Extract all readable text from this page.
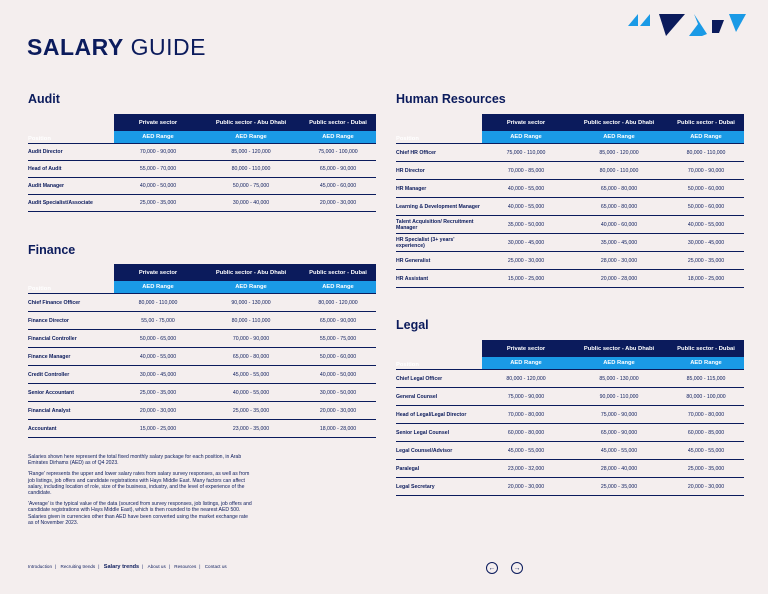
SALARY GUIDE
Audit
	Private sector	Public sector - Abu Dhabi	Public sector - Dubai
Position	AED Range	AED Range	AED Range
Audit Director	70,000 - 90,000	85,000 - 120,000	75,000 - 100,000
Head of Audit	55,000 - 70,000	80,000 - 110,000	65,000 - 90,000
Audit Manager	40,000 - 50,000	50,000 - 75,000	45,000 - 60,000
Audit Specialist/Associate	25,000 - 35,000	30,000 - 40,000	20,000 - 30,000
Finance
	Private sector	Public sector - Abu Dhabi	Public sector - Dubai
Position	AED Range	AED Range	AED Range
Chief Finance Officer	80,000 - 110,000	90,000 - 130,000	80,000 - 120,000
Finance Director	55,00 - 75,000	80,000 - 110,000	65,000 - 90,000
Financial Controller	50,000 - 65,000	70,000 - 90,000	55,000 - 75,000
Finance Manager	40,000 - 55,000	65,000 - 80,000	50,000 - 60,000
Credit Controller	30,000 - 45,000	45,000 - 55,000	40,000 - 50,000
Senior Accountant	25,000 - 35,000	40,000 - 55,000	30,000 - 50,000
Financial Analyst	20,000 - 30,000	25,000 - 35,000	20,000 - 30,000
Accountant	15,000 - 25,000	23,000 - 35,000	18,000 - 28,000
Human Resources
	Private sector	Public sector - Abu Dhabi	Public sector - Dubai
Position	AED Range	AED Range	AED Range
Chief HR Officer	75,000 - 110,000	85,000 - 120,000	80,000 - 110,000
HR Director	70,000 - 85,000	80,000 - 110,000	70,000 - 90,000
HR Manager	40,000 - 55,000	65,000 - 80,000	50,000 - 60,000
Learning & Development Manager	40,000 - 55,000	65,000 - 80,000	50,000 - 60,000
Talent Acquisition/ Recruitment Manager	35,000 - 50,000	40,000 - 60,000	40,000 - 55,000
HR Specialist (3+ years' experience)	30,000 - 45,000	35,000 - 45,000	30,000 - 45,000
HR Generalist	25,000 - 30,000	28,000 - 30,000	25,000 - 35,000
HR Assistant	15,000 - 25,000	20,000 - 28,000	18,000 - 25,000
Legal
	Private sector	Public sector - Abu Dhabi	Public sector - Dubai
Position	AED Range	AED Range	AED Range
Chief Legal Officer	80,000 - 120,000	85,000 - 130,000	85,000 - 115,000
General Counsel	75,000 - 90,000	90,000 - 110,000	80,000 - 100,000
Head of Legal/Legal Director	70,000 - 80,000	75,000 - 90,000	70,000 - 80,000
Senior Legal Counsel	60,000 - 80,000	65,000 - 90,000	60,000 - 85,000
Legal Counsel/Advisor	45,000 - 55,000	45,000 - 55,000	45,000 - 55,000
Paralegal	23,000 - 32,000	28,000 - 40,000	25,000 - 35,000
Legal Secretary	20,000 - 30,000	25,000 - 35,000	20,000 - 30,000

Salaries shown here represent the total fixed monthly salary package for each position, in Arab Emirates Dirhams (AED) as of Q4 2023.

'Range' represents the upper and lower salary rates from salary survey responses, as well as from job listings, job offers and candidate registrations with Hays Middle East. Many factors can affect salary, including location of role, size of the business, industry, and the level of experience of the candidate.

'Average' is the typical value of the data (sourced from survey responses, job listings, job offers and candidate registrations with Hays Middle East), which is then rounded to the nearest AED 500. Salaries given in currencies other than AED have been converted using the market exchange rate as of November 2023.

Introduction | Recruiting trends | Salary trends | About us | Resources | Contact us	←	→
